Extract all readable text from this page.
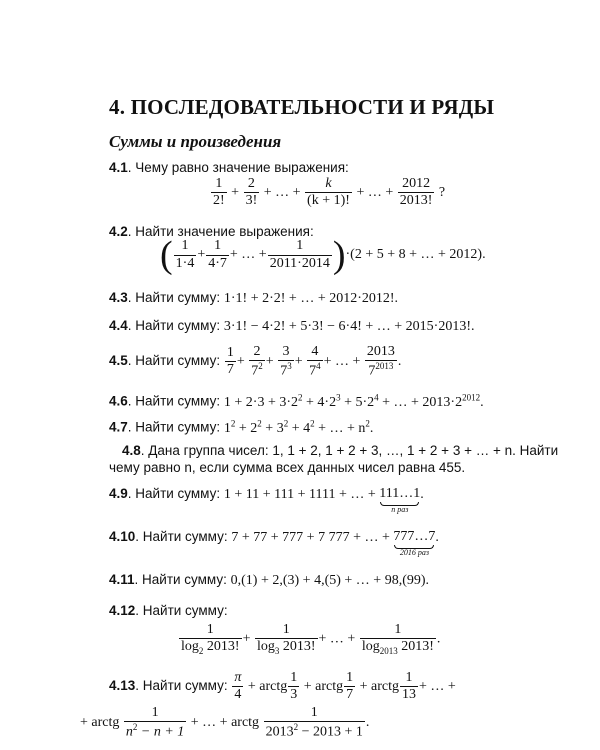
4. ПОСЛЕДОВАТЕЛЬНОСТИ И РЯДЫ
Суммы и произведения
4.1. Чему равно значение выражения:
$\frac{1}{2!} + \frac{2}{3!}$ + … + $\frac{k}{(k + 1)!}$ + … + $\frac{2012}{2013!}$ ?
4.2. Найти значение выражения:
( $\frac{1}{1\cdot 4} + \frac{1}{4\cdot 7}$ + … + $\frac{1}{2011\cdot 2014} )\cdot(2 + 5 + 8$ + … + 2012).
4.3. Найти сумму: 1·1! + 2·2! + … + 2012·2012!.
4.4. Найти сумму: 3·1! − 4·2! + 5·3! − 6·4! + … + 2015·2013!.
4.5. Найти сумму: $\frac{1}{7} + \frac{2}{7^2} + \frac{3}{7^3} + \frac{4}{7^4}$ + … + $\frac{2013}{7^{2013}}$ .
4.6. Найти сумму: $1 + 2\cdot 3 + 3\cdot 2^2 + 4\cdot 2^3 + 5\cdot 2^4$ + … + $2013\cdot 2^{2012}$.
4.7. Найти сумму: $1^2 + 2^2 + 3^2 + 4^2$ + … + $n^2$.
4.8. Дана группа чисел: 1, 1 + 2, 1 + 2 + 3, …, 1 + 2 + 3 + … + n. Найти
чему равно n, если сумма всех данных чисел равна 455.
4.9. Найти сумму: 1 + 11 + 111 + 1111 + … + 111…1
n раз
.
4.10. Найти сумму: 7 + 77 + 777 + 7 777 + … + 777…7
2016 раз
.
4.11. Найти сумму: 0,(1) + 2,(3) + 4,(5) + … + 98,(99).
4.12. Найти сумму:
$\frac{1}{\log_2 2013!} + \frac{1}{\log_3 2013!}$ + … + $\frac{1}{\log_{2013} 2013!}$ .
4.13. Найти сумму: $\frac{\pi}{4}$ + arctg $\frac{1}{3}$ + arctg $\frac{1}{7}$ + arctg $\frac{1}{13}$ + … +
+ arctg $\frac{1}{n^2 - n + 1}$ + … + arctg $\frac{1}{2013^2 - 2013 + 1}$ .
